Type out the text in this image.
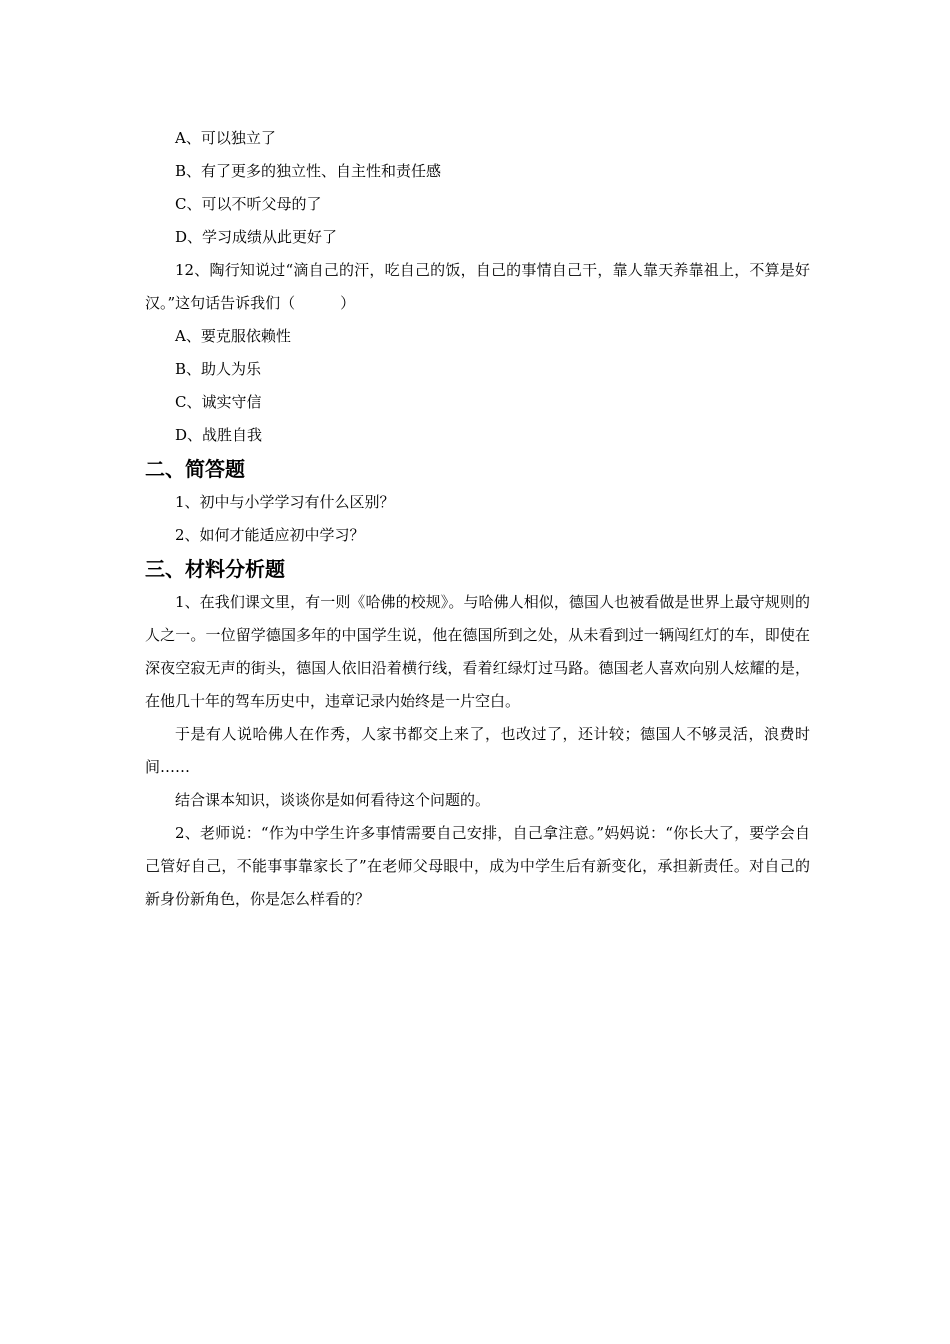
A、可以独立了
B、有了更多的独立性、自主性和责任感
C、可以不听父母的了
D、学习成绩从此更好了

12、陶行知说过“滴自己的汗，吃自己的饭，自己的事情自己干，靠人靠天养靠祖上，不算是好汉。”这句话告诉我们（　　　）

A、要克服依赖性
B、助人为乐
C、诚实守信
D、战胜自我
二、简答题
1、初中与小学学习有什么区别？
2、如何才能适应初中学习？
三、材料分析题

1、在我们课文里，有一则《哈佛的校规》。与哈佛人相似，德国人也被看做是世界上最守规则的人之一。一位留学德国多年的中国学生说，他在德国所到之处，从未看到过一辆闯红灯的车，即使在深夜空寂无声的街头，德国人依旧沿着横行线，看着红绿灯过马路。德国老人喜欢向别人炫耀的是，在他几十年的驾车历史中，违章记录内始终是一片空白。

于是有人说哈佛人在作秀，人家书都交上来了，也改过了，还计较；德国人不够灵活，浪费时间……

结合课本知识，谈谈你是如何看待这个问题的。

2、老师说：“作为中学生许多事情需要自己安排，自己拿注意。”妈妈说：“你长大了，要学会自己管好自己，不能事事靠家长了”在老师父母眼中，成为中学生后有新变化，承担新责任。对自己的新身份新角色，你是怎么样看的？
